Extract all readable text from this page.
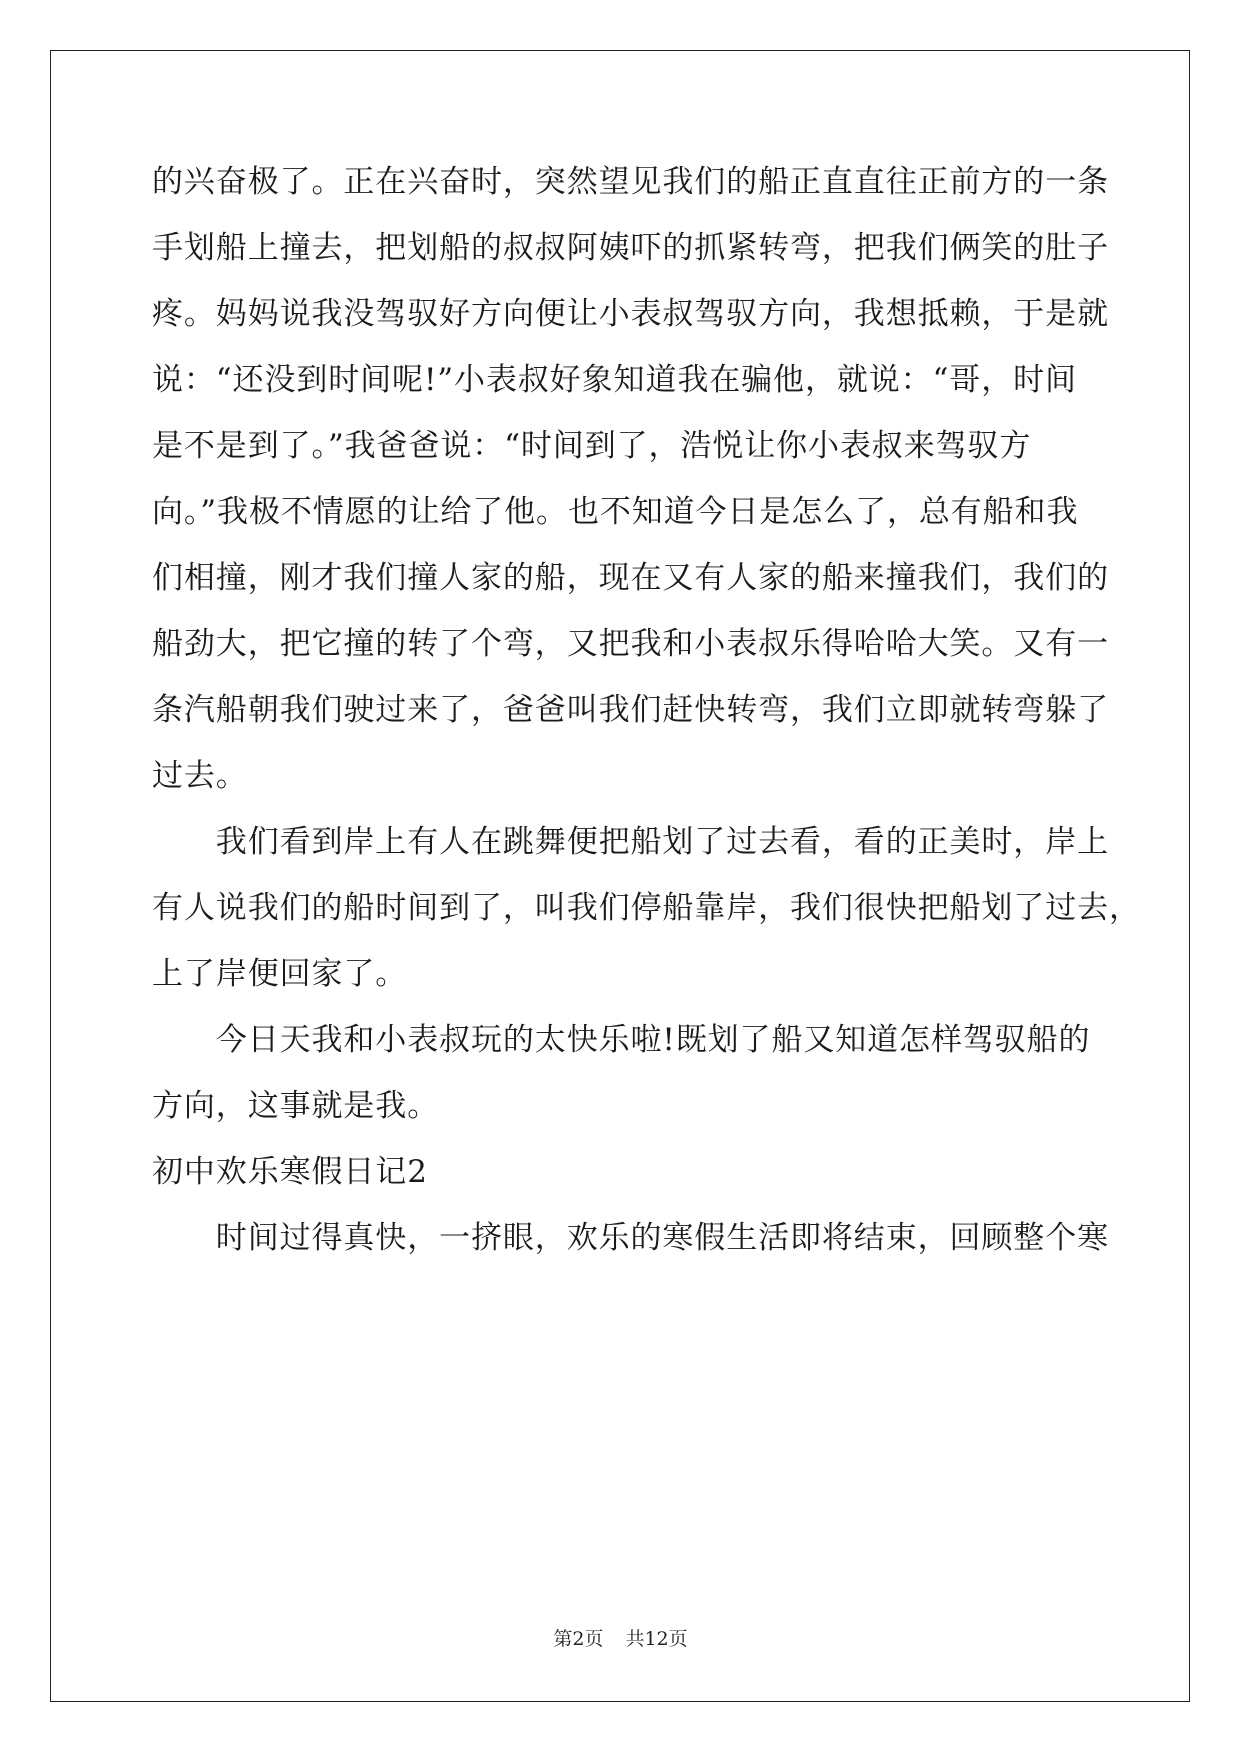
的兴奋极了。正在兴奋时，突然望见我们的船正直直往正前方的一条
手划船上撞去，把划船的叔叔阿姨吓的抓紧转弯，把我们俩笑的肚子
疼。妈妈说我没驾驭好方向便让小表叔驾驭方向，我想抵赖，于是就
说：“还没到时间呢!”小表叔好象知道我在骗他，就说：“哥，时间
是不是到了。”我爸爸说：“时间到了，浩悦让你小表叔来驾驭方
向。”我极不情愿的让给了他。也不知道今日是怎么了，总有船和我
们相撞，刚才我们撞人家的船，现在又有人家的船来撞我们，我们的
船劲大，把它撞的转了个弯，又把我和小表叔乐得哈哈大笑。又有一
条汽船朝我们驶过来了，爸爸叫我们赶快转弯，我们立即就转弯躲了
过去。
　　我们看到岸上有人在跳舞便把船划了过去看，看的正美时，岸上
有人说我们的船时间到了，叫我们停船靠岸，我们很快把船划了过去，
上了岸便回家了。
　　今日天我和小表叔玩的太快乐啦!既划了船又知道怎样驾驭船的
方向，这事就是我。
初中欢乐寒假日记2
　　时间过得真快，一挤眼，欢乐的寒假生活即将结束，回顾整个寒
第2页 共12页
